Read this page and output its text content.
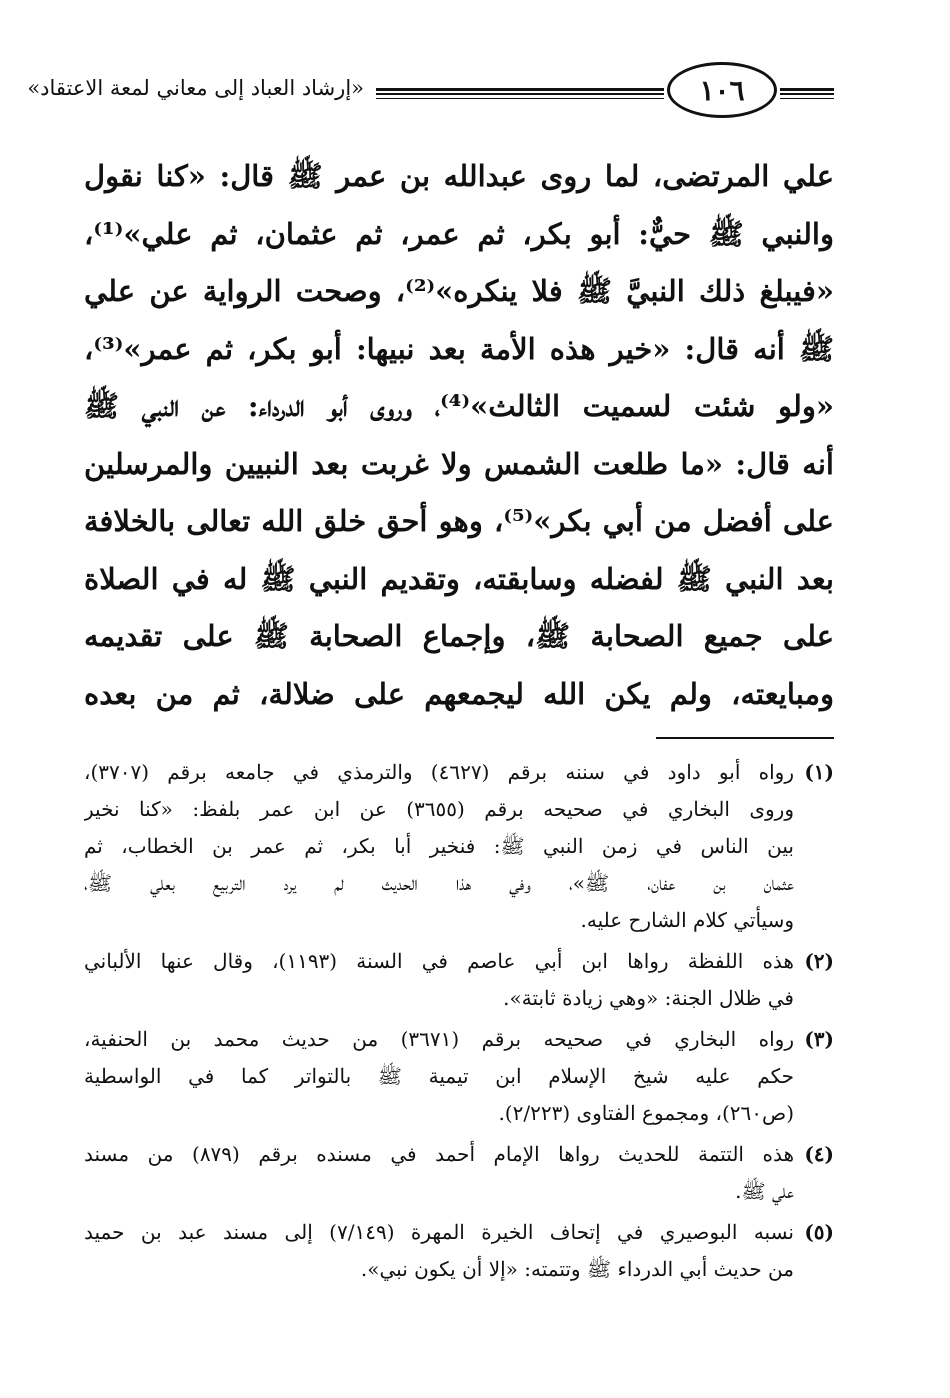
«إرشاد العباد إلى معاني لمعة الاعتقاد»	١٠٦
علي المرتضى، لما روى عبدالله بن عمر ﷺ قال: «كنا نقول
والنبي ﷺ حيٌّ: أبو بكر، ثم عمر، ثم عثمان، ثم علي»⁽¹⁾،
«فيبلغ ذلك النبيَّ ﷺ فلا ينكره»⁽²⁾، وصحت الرواية عن علي
ﷺ أنه قال: «خير هذه الأمة بعد نبيها: أبو بكر، ثم عمر»⁽³⁾،
«ولو شئت لسميت الثالث»⁽⁴⁾، وروى أبو الدرداء: عن النبي ﷺ
أنه قال: «ما طلعت الشمس ولا غربت بعد النبيين والمرسلين
على أفضل من أبي بكر»⁽⁵⁾، وهو أحق خلق الله تعالى بالخلافة
بعد النبي ﷺ لفضله وسابقته، وتقديم النبي ﷺ له في الصلاة
على جميع الصحابة ﷺ، وإجماع الصحابة ﷺ على تقديمه
ومبايعته، ولم يكن الله ليجمعهم على ضلالة، ثم من بعده
(١)
رواه أبو داود في سننه برقم (٤٦٢٧) والترمذي في جامعه برقم (٣٧٠٧)،
وروى البخاري في صحيحه برقم (٣٦٥٥) عن ابن عمر بلفظ: «كنا نخير
بين الناس في زمن النبي ﷺ: فنخير أبا بكر، ثم عمر بن الخطاب، ثم
عثمان بن عفان، ﷺ»، وفي هذا الحديث لم يرد التربيع بعلي ﷺ،
وسيأتي كلام الشارح عليه.
(٢)
هذه اللفظة رواها ابن أبي عاصم في السنة (١١٩٣)، وقال عنها الألباني
في ظلال الجنة: «وهي زيادة ثابتة».
(٣)
رواه البخاري في صحيحه برقم (٣٦٧١) من حديث محمد بن الحنفية،
حكم عليه شيخ الإسلام ابن تيمية ﷺ بالتواتر كما في الواسطية
(ص٢٦٠)، ومجموع الفتاوى (٢/٢٢٣).
(٤)
هذه التتمة للحديث رواها الإمام أحمد في مسنده برقم (٨٧٩) من مسند
علي ﷺ.
(٥)
نسبه البوصيري في إتحاف الخيرة المهرة (٧/١٤٩) إلى مسند عبد بن حميد
من حديث أبي الدرداء ﷺ وتتمته: «إلا أن يكون نبي».
